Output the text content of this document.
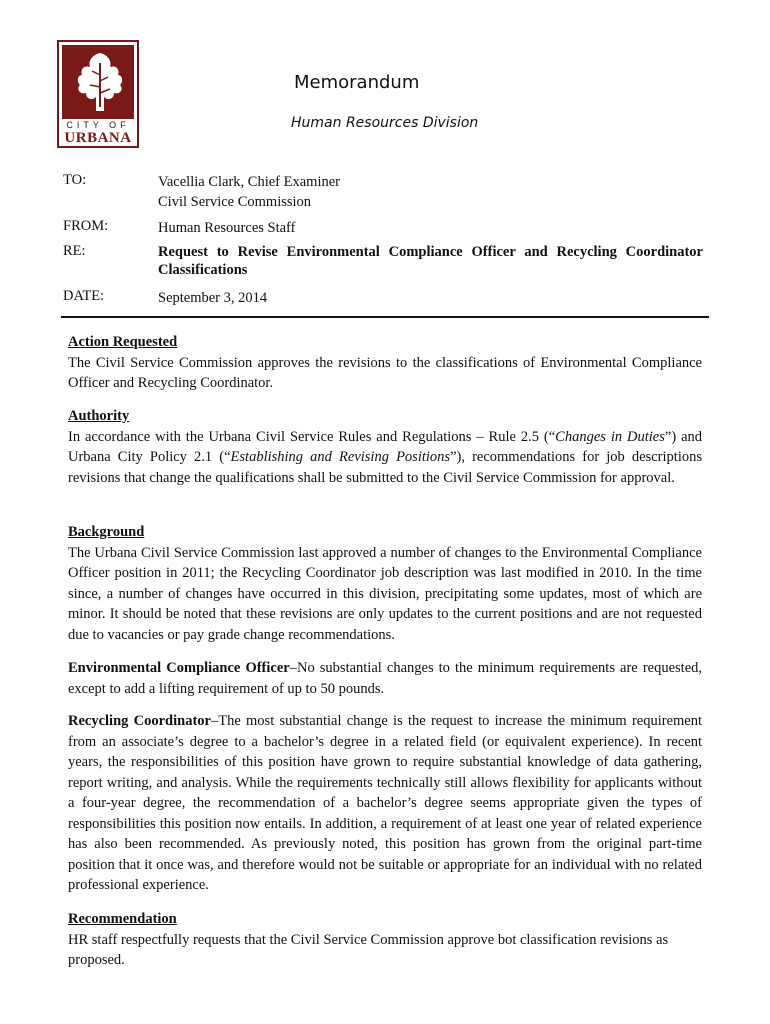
CITY OF
URBANA
Memorandum
Human Resources Division
TO:	Vacellia Clark, Chief Examiner
Civil Service Commission
FROM:	Human Resources Staff
RE:	Request to Revise Environmental Compliance Officer and Recycling Coordinator Classifications
DATE:	September 3, 2014
Action Requested

The Civil Service Commission approves the revisions to the classifications of Environmental Compliance Officer and Recycling Coordinator.

Authority

In accordance with the Urbana Civil Service Rules and Regulations – Rule 2.5 (“Changes in Duties”) and Urbana City Policy 2.1 (“Establishing and Revising Positions”), recommendations for job descriptions revisions that change the qualifications shall be submitted to the Civil Service Commission for approval.

Background

The Urbana Civil Service Commission last approved a number of changes to the Environmental Compliance Officer position in 2011; the Recycling Coordinator job description was last modified in 2010. In the time since, a number of changes have occurred in this division, precipitating some updates, most of which are minor. It should be noted that these revisions are only updates to the current positions and are not requested due to vacancies or pay grade change recommendations.

Environmental Compliance Officer–No substantial changes to the minimum requirements are requested, except to add a lifting requirement of up to 50 pounds.

Recycling Coordinator–The most substantial change is the request to increase the minimum requirement from an associate’s degree to a bachelor’s degree in a related field (or equivalent experience). In recent years, the responsibilities of this position have grown to require substantial knowledge of data gathering, report writing, and analysis. While the requirements technically still allows flexibility for applicants without a four-year degree, the recommendation of a bachelor’s degree seems appropriate given the types of responsibilities this position now entails. In addition, a requirement of at least one year of related experience has also been recommended. As previously noted, this position has grown from the original part-time position that it once was, and therefore would not be suitable or appropriate for an individual with no related professional experience.

Recommendation

HR staff respectfully requests that the Civil Service Commission approve bot classification revisions as proposed.
